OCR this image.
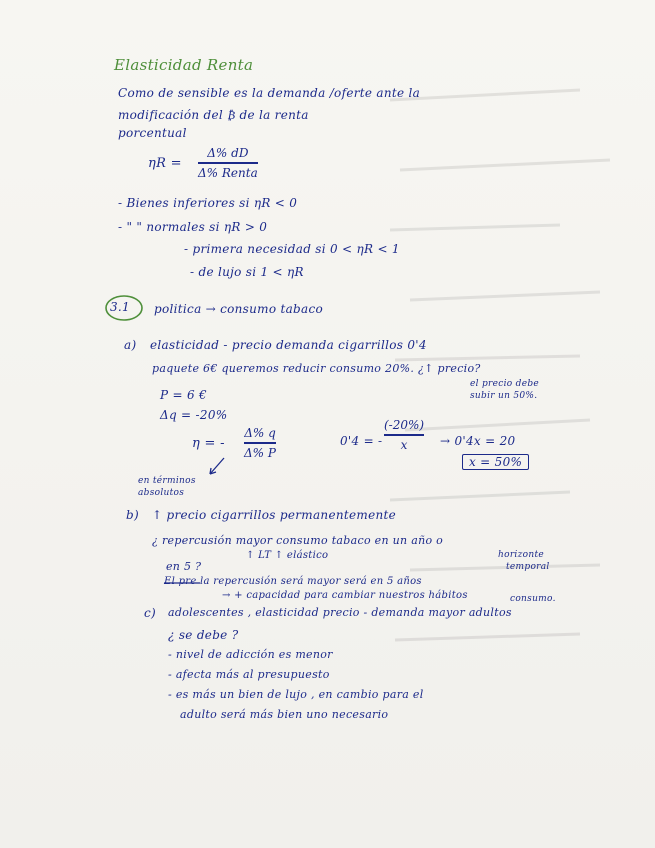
Elasticidad Renta
Como de sensible es la demanda /oferte ante la
modificación del ₿ de la renta
porcentual
ηR =
Δ% dD
Δ% Renta
- Bienes inferiores si ηR < 0
- " " normales si ηR > 0
- primera necesidad si 0 < ηR < 1
- de lujo si 1 < ηR
3.1 politica → consumo tabaco
a) elasticidad - precio demanda cigarrillos 0'4
paquete 6€ queremos reducir consumo 20%. ¿↑ precio?
el precio debe
subir un 50%.
P = 6 €
Δq = -20%
η = -
Δ% q
Δ% P
0'4 = -
(-20%)
x	→ 0'4x = 20
x = 50%
en términos
absolutos
b) ↑ precio cigarrillos permanentemente
¿ repercusión mayor consumo tabaco en un año o
en 5 ?
↑ LT ↑ elástico	horizonte
temporal
El pre la repercusión será mayor será en 5 años
→ + capacidad para cambiar nuestros hábitos	consumo.
c) adolescentes , elasticidad precio - demanda mayor adultos
¿ se debe ?
- nivel de adicción es menor
- afecta más al presupuesto
- es más un bien de lujo , en cambio para el
adulto será más bien uno necesario
